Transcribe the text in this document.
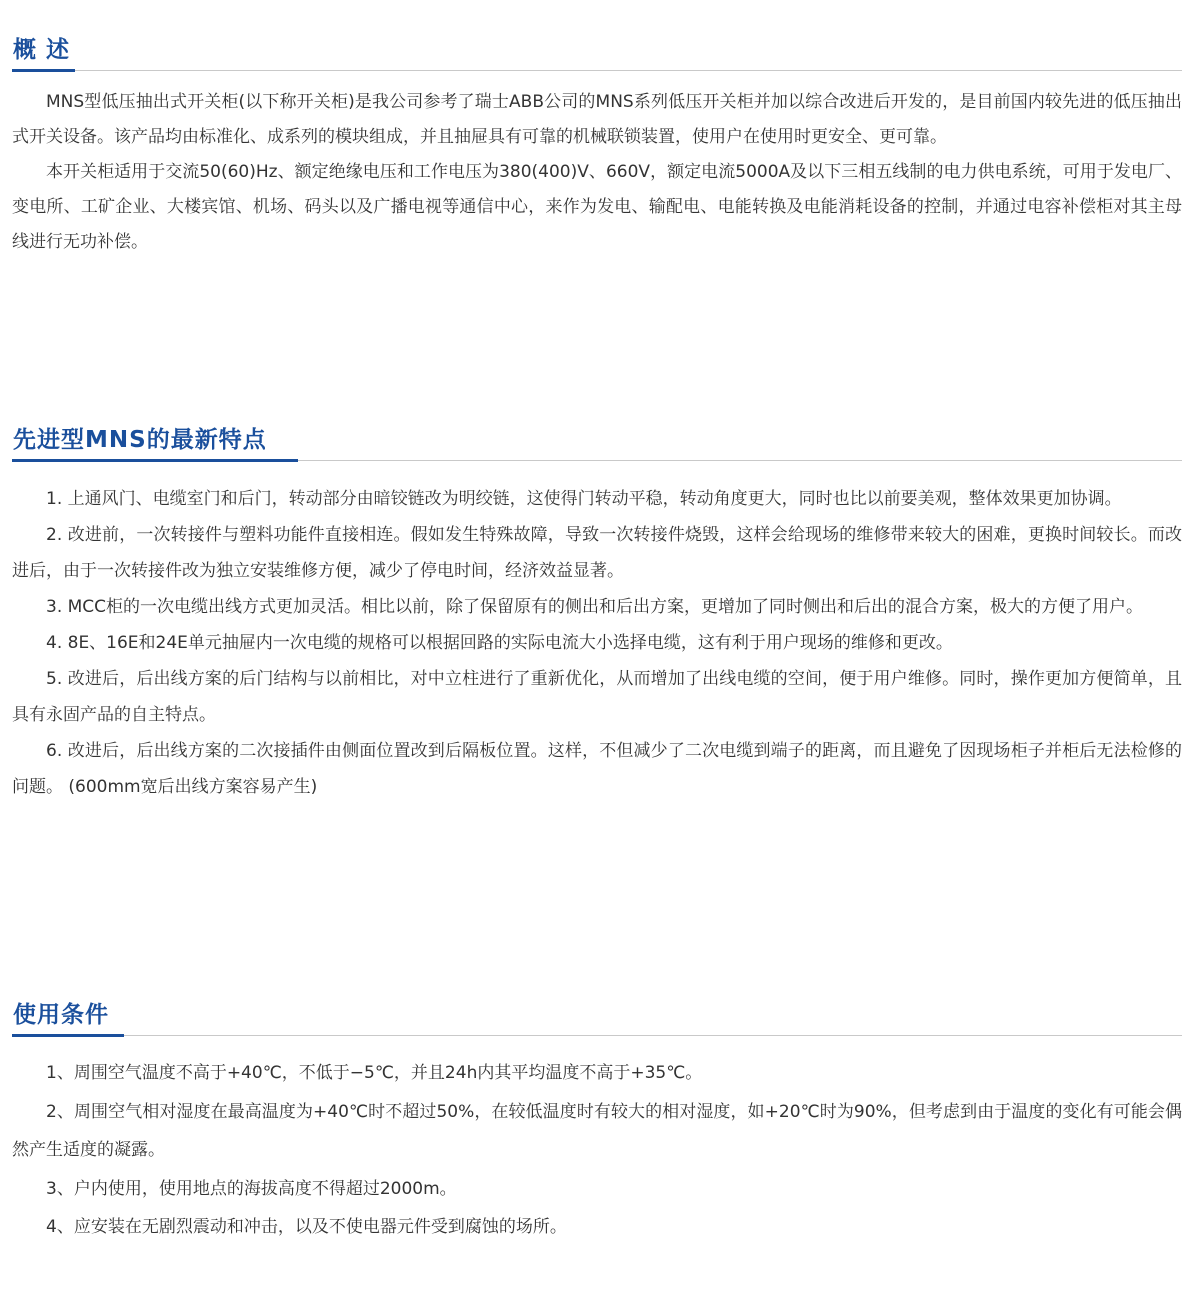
概 述

MNS型低压抽出式开关柜(以下称开关柜)是我公司参考了瑞士ABB公司的MNS系列低压开关柜并加以综合改进后开发的，是目前国内较先进的低压抽出式开关设备。该产品均由标准化、成系列的模块组成，并且抽屉具有可靠的机械联锁装置，使用户在使用时更安全、更可靠。

本开关柜适用于交流50(60)Hz、额定绝缘电压和工作电压为380(400)V、660V，额定电流5000A及以下三相五线制的电力供电系统，可用于发电厂、变电所、工矿企业、大楼宾馆、机场、码头以及广播电视等通信中心，来作为发电、输配电、电能转换及电能消耗设备的控制，并通过电容补偿柜对其主母线进行无功补偿。

先进型MNS的最新特点

1. 上通风门、电缆室门和后门，转动部分由暗铰链改为明绞链，这使得门转动平稳，转动角度更大，同时也比以前要美观，整体效果更加协调。

2. 改进前，一次转接件与塑料功能件直接相连。假如发生特殊故障，导致一次转接件烧毁，这样会给现场的维修带来较大的困难，更换时间较长。而改进后，由于一次转接件改为独立安装维修方便，减少了停电时间，经济效益显著。

3. MCC柜的一次电缆出线方式更加灵活。相比以前，除了保留原有的侧出和后出方案，更增加了同时侧出和后出的混合方案，极大的方便了用户。

4. 8E、16E和24E单元抽屉内一次电缆的规格可以根据回路的实际电流大小选择电缆，这有利于用户现场的维修和更改。

5. 改进后，后出线方案的后门结构与以前相比，对中立柱进行了重新优化，从而增加了出线电缆的空间，便于用户维修。同时，操作更加方便简单，且具有永固产品的自主特点。

6. 改进后，后出线方案的二次接插件由侧面位置改到后隔板位置。这样，不但减少了二次电缆到端子的距离，而且避免了因现场柜子并柜后无法检修的问题。 (600mm宽后出线方案容易产生)

使用条件

1、周围空气温度不高于+40℃，不低于−5℃，并且24h内其平均温度不高于+35℃。

2、周围空气相对湿度在最高温度为+40℃时不超过50%，在较低温度时有较大的相对湿度，如+20℃时为90%，但考虑到由于温度的变化有可能会偶然产生适度的凝露。

3、户内使用，使用地点的海拔高度不得超过2000m。

4、应安装在无剧烈震动和冲击，以及不使电器元件受到腐蚀的场所。
